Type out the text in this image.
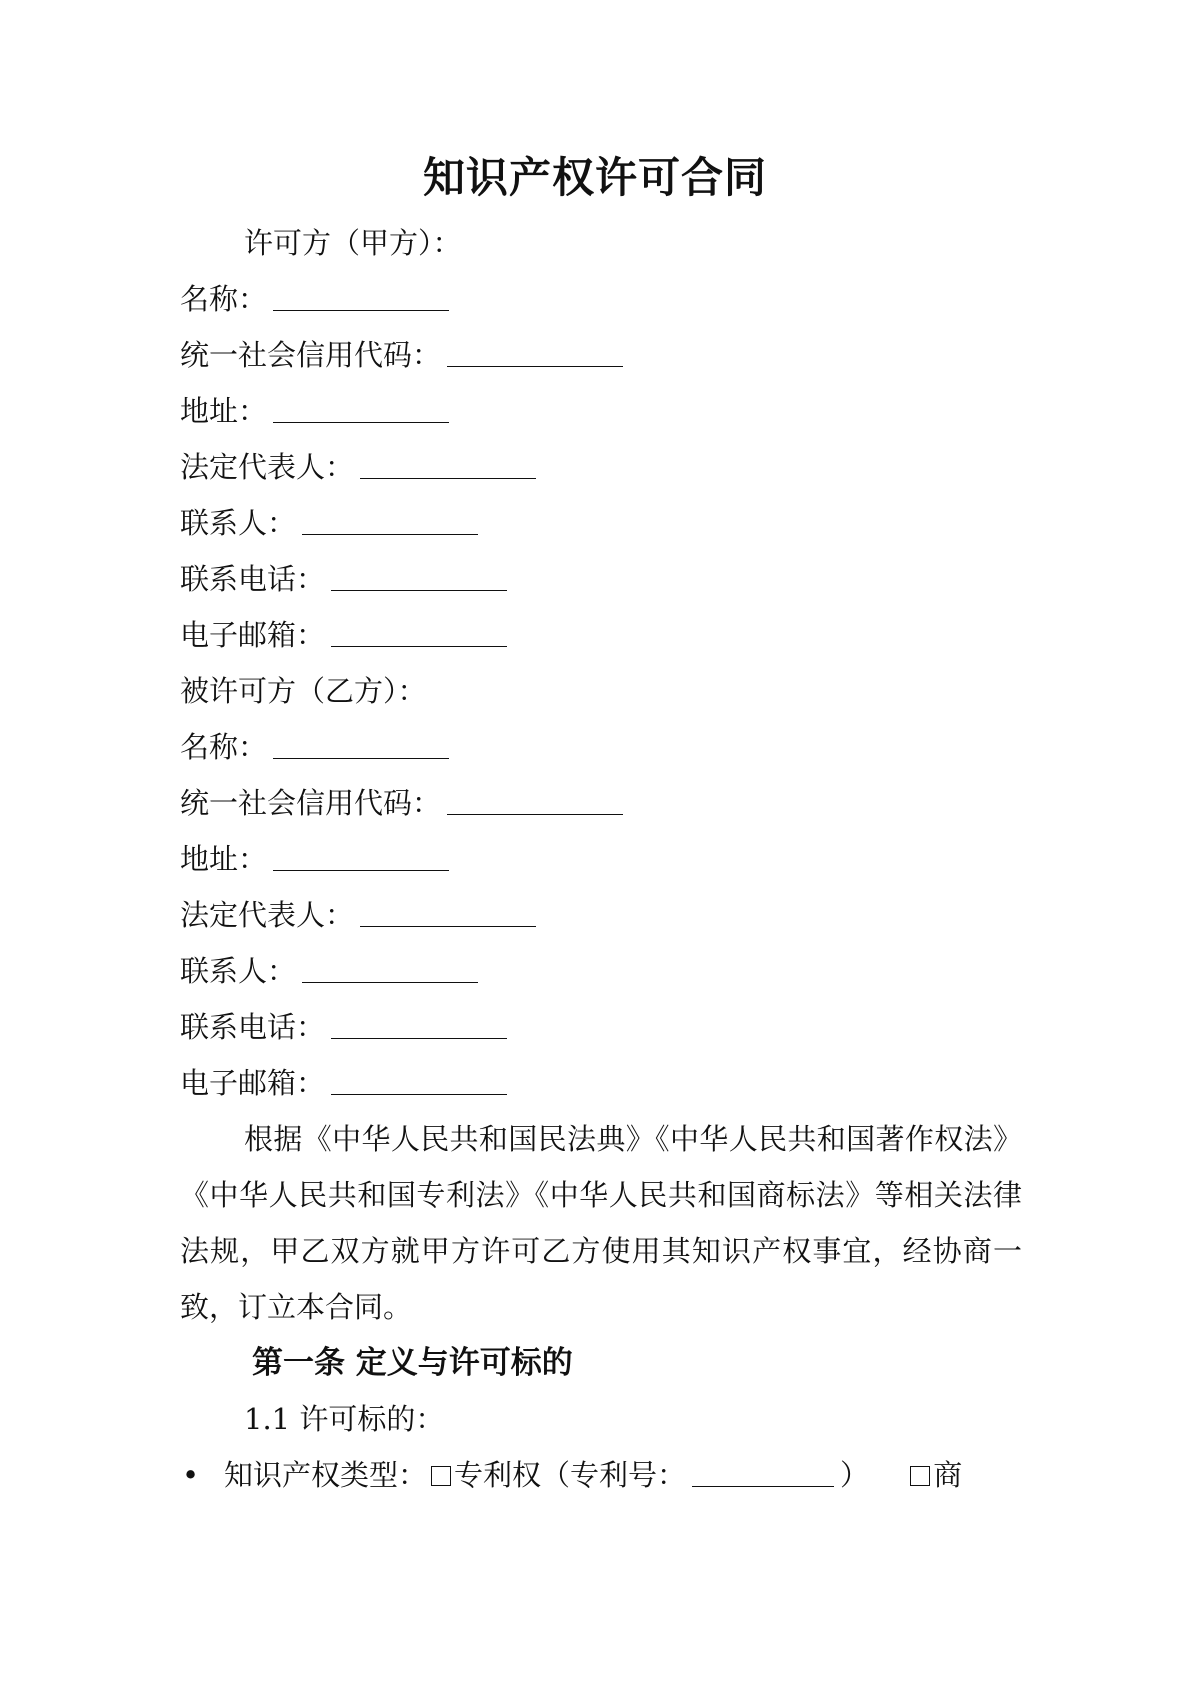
知识产权许可合同
许可方（甲方）：
名称：
统一社会信用代码：
地址：
法定代表人：
联系人：
联系电话：
电子邮箱：
被许可方（乙方）：
名称：
统一社会信用代码：
地址：
法定代表人：
联系人：
联系电话：
电子邮箱：

根据《中华人民共和国民法典》《中华人民共和国著作权法》《中华人民共和国专利法》《中华人民共和国商标法》等相关法律法规，甲乙双方就甲方许可乙方使用其知识产权事宜，经协商一致，订立本合同。

第一条 定义与许可标的
1.1 许可标的：
• 知识产权类型： 专利权（专利号：	） 商
